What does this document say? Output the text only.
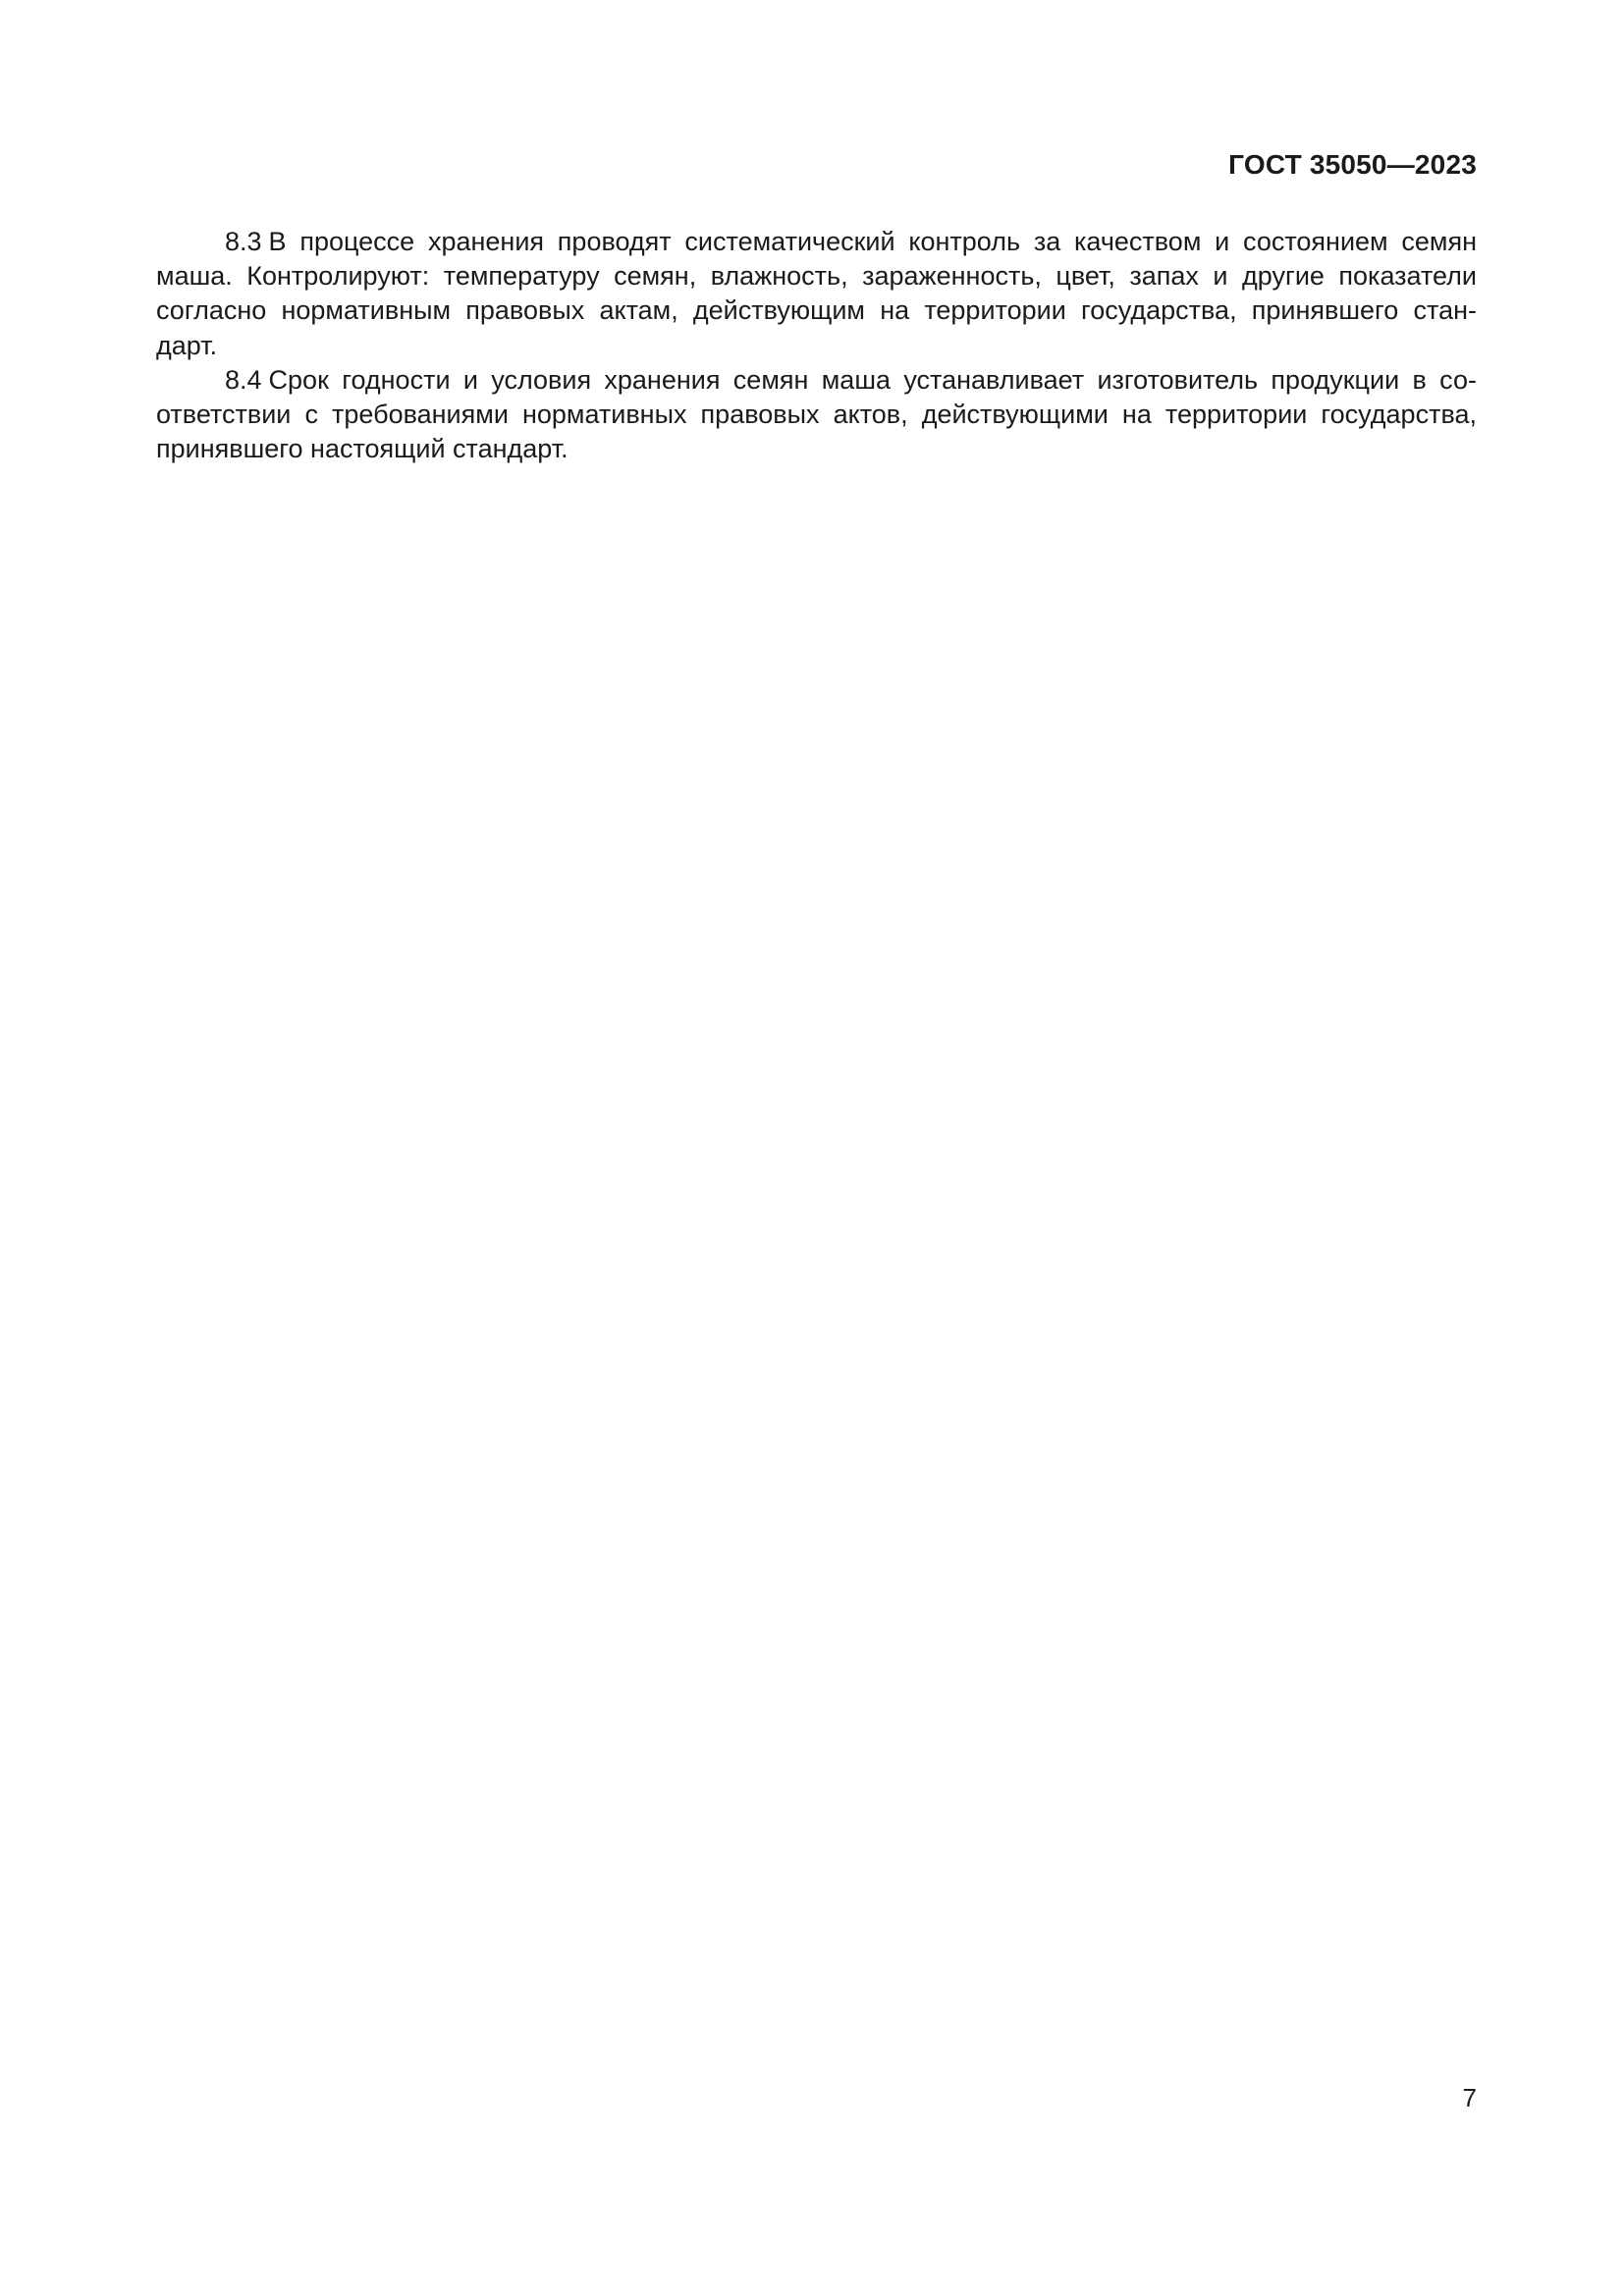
ГОСТ 35050—2023

8.3 В процессе хранения проводят систематический контроль за качеством и состоянием семян маша. Контролируют: температуру семян, влажность, зараженность, цвет, запах и другие показатели согласно нормативным правовых актам, действующим на территории государства, принявшего стан- дарт.

8.4 Срок годности и условия хранения семян маша устанавливает изготовитель продукции в со- ответствии с требованиями нормативных правовых актов, действующими на территории государства, принявшего настоящий стандарт.

7
